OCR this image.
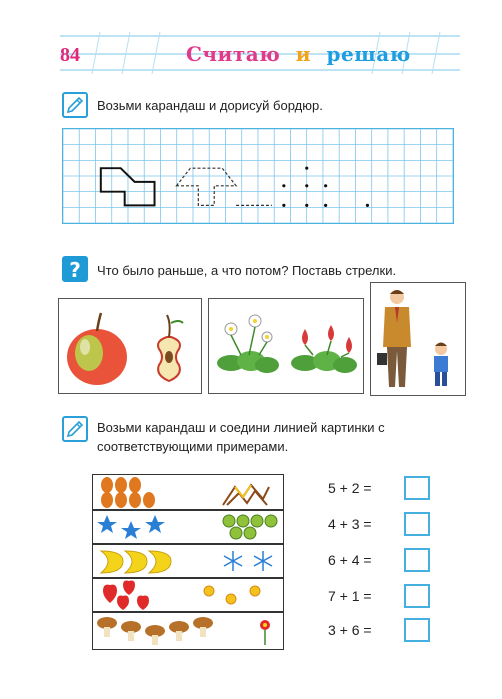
84	Считаю и решаю
Возьми карандаш и дорисуй бордюр.
?	Что было раньше, а что потом? Поставь стрелки.
Возьми карандаш и соедини линией картинки с
соответствующими примерами.
5 + 2 =
4 + 3 =
6 + 4 =
7 + 1 =
3 + 6 =
